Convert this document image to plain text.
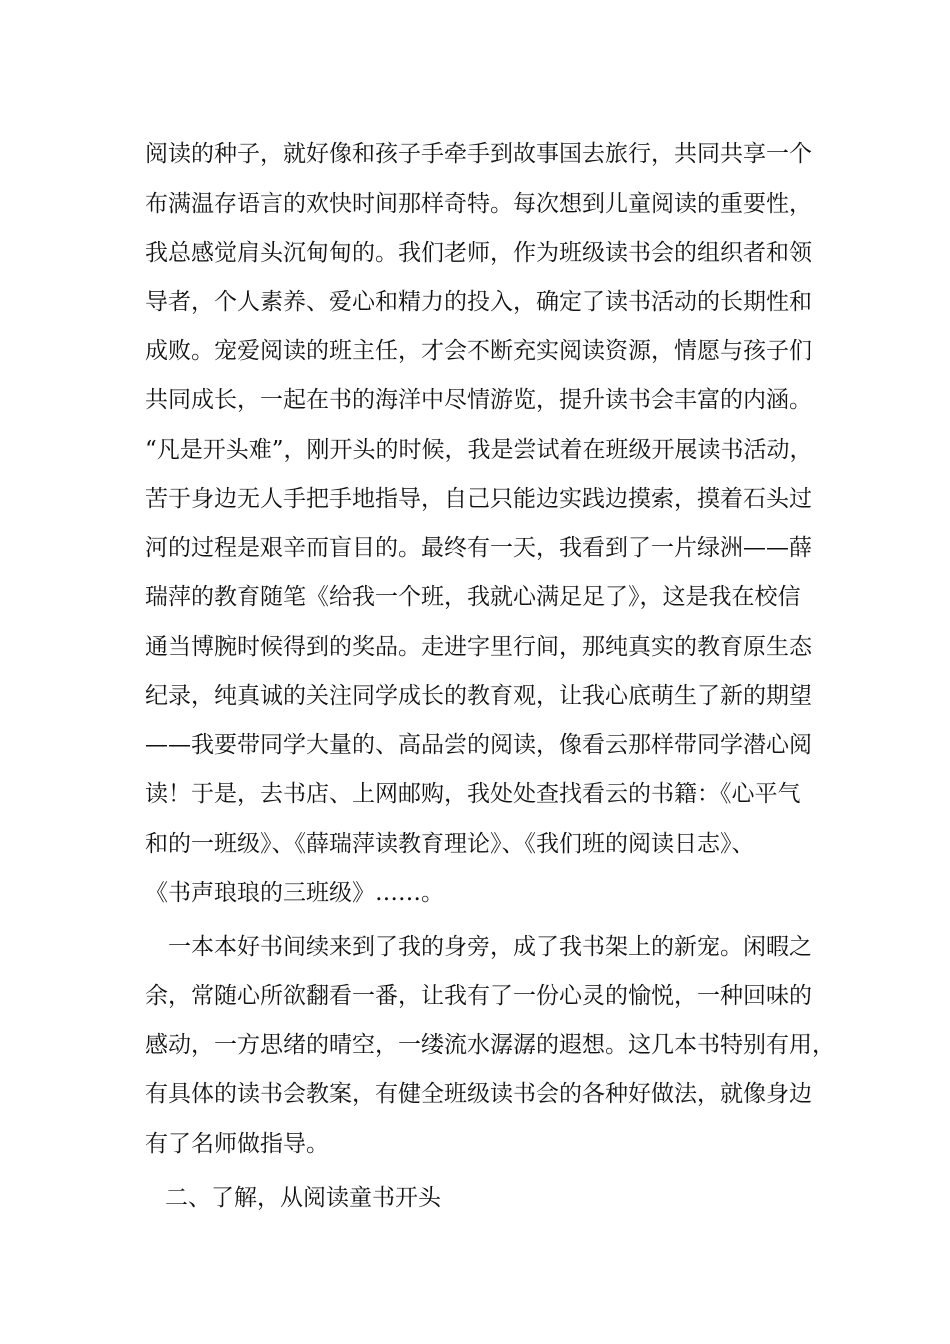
阅读的种子，就好像和孩子手牵手到故事国去旅行，共同共享一个
布满温存语言的欢快时间那样奇特。每次想到儿童阅读的重要性，
我总感觉肩头沉甸甸的。我们老师，作为班级读书会的组织者和领
导者，个人素养、爱心和精力的投入，确定了读书活动的长期性和
成败。宠爱阅读的班主任，才会不断充实阅读资源，情愿与孩子们
共同成长，一起在书的海洋中尽情游览，提升读书会丰富的内涵。
“凡是开头难”，刚开头的时候，我是尝试着在班级开展读书活动，
苦于身边无人手把手地指导，自己只能边实践边摸索，摸着石头过
河的过程是艰辛而盲目的。最终有一天，我看到了一片绿洲——薛
瑞萍的教育随笔《给我一个班，我就心满足足了》，这是我在校信
通当博腕时候得到的奖品。走进字里行间，那纯真实的教育原生态
纪录，纯真诚的关注同学成长的教育观，让我心底萌生了新的期望
——我要带同学大量的、高品尝的阅读，像看云那样带同学潜心阅
读！于是，去书店、上网邮购，我处处查找看云的书籍：《心平气
和的一班级》、《薛瑞萍读教育理论》、《我们班的阅读日志》、
《书声琅琅的三班级》……。
一本本好书间续来到了我的身旁，成了我书架上的新宠。闲暇之
余，常随心所欲翻看一番，让我有了一份心灵的愉悦，一种回味的
感动，一方思绪的晴空，一缕流水潺潺的遐想。这几本书特别有用，
有具体的读书会教案，有健全班级读书会的各种好做法，就像身边
有了名师做指导。
二、了解，从阅读童书开头
